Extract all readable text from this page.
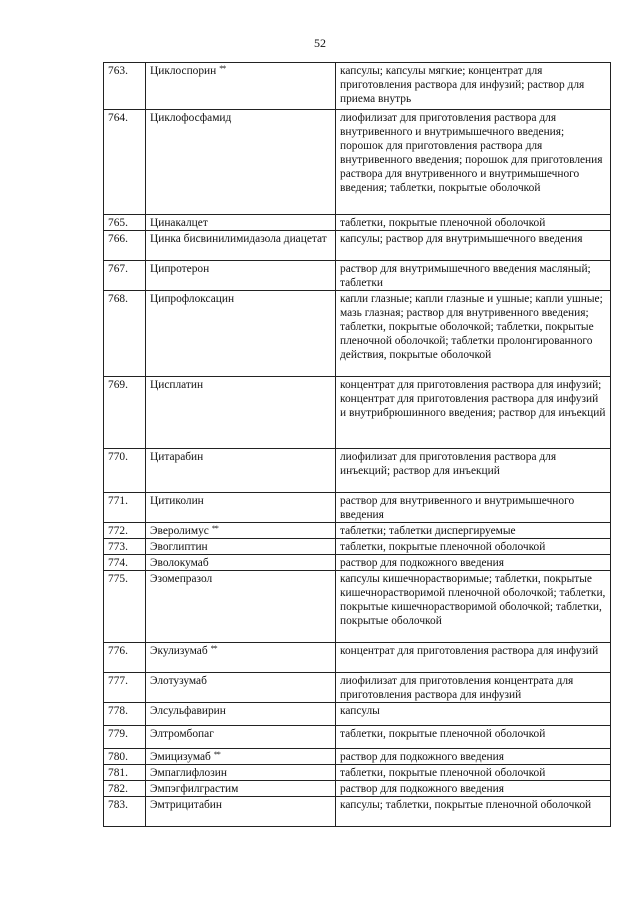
52
763.	Циклоспорин **	капсулы; капсулы мягкие; концентрат для приготовления раствора для инфузий; раствор для приема внутрь
764.	Циклофосфамид	лиофилизат для приготовления раствора для внутривенного и внутримышечного введения; порошок для приготовления раствора для внутривенного введения; порошок для приготовления раствора для внутривенного и внутримышечного введения; таблетки, покрытые оболочкой
765.	Цинакалцет	таблетки, покрытые пленочной оболочкой
766.	Цинка бисвинилимидазола диацетат	капсулы; раствор для внутримышечного введения
767.	Ципротерон	раствор для внутримышечного введения масляный; таблетки
768.	Ципрофлоксацин	капли глазные; капли глазные и ушные; капли ушные; мазь глазная; раствор для внутривенного введения; таблетки, покрытые оболочкой; таблетки, покрытые пленочной оболочкой; таблетки пролонгированного действия, покрытые оболочкой
769.	Цисплатин	концентрат для приготовления раствора для инфузий; концентрат для приготовления раствора для инфузий и внутрибрюшинного введения; раствор для инъекций
770.	Цитарабин	лиофилизат для приготовления раствора для инъекций; раствор для инъекций
771.	Цитиколин	раствор для внутривенного и внутримышечного введения
772.	Эверолимус **	таблетки; таблетки диспергируемые
773.	Эвоглиптин	таблетки, покрытые пленочной оболочкой
774.	Эволокумаб	раствор для подкожного введения
775.	Эзомепразол	капсулы кишечнорастворимые; таблетки, покрытые кишечнорастворимой пленочной оболочкой; таблетки, покрытые кишечнорастворимой оболочкой; таблетки, покрытые оболочкой
776.	Экулизумаб **	концентрат для приготовления раствора для инфузий
777.	Элотузумаб	лиофилизат для приготовления концентрата для приготовления раствора для инфузий
778.	Элсульфавирин	капсулы
779.	Элтромбопаг	таблетки, покрытые пленочной оболочкой
780.	Эмицизумаб **	раствор для подкожного введения
781.	Эмпаглифлозин	таблетки, покрытые пленочной оболочкой
782.	Эмпэгфилграстим	раствор для подкожного введения
783.	Эмтрицитабин	капсулы; таблетки, покрытые пленочной оболочкой
